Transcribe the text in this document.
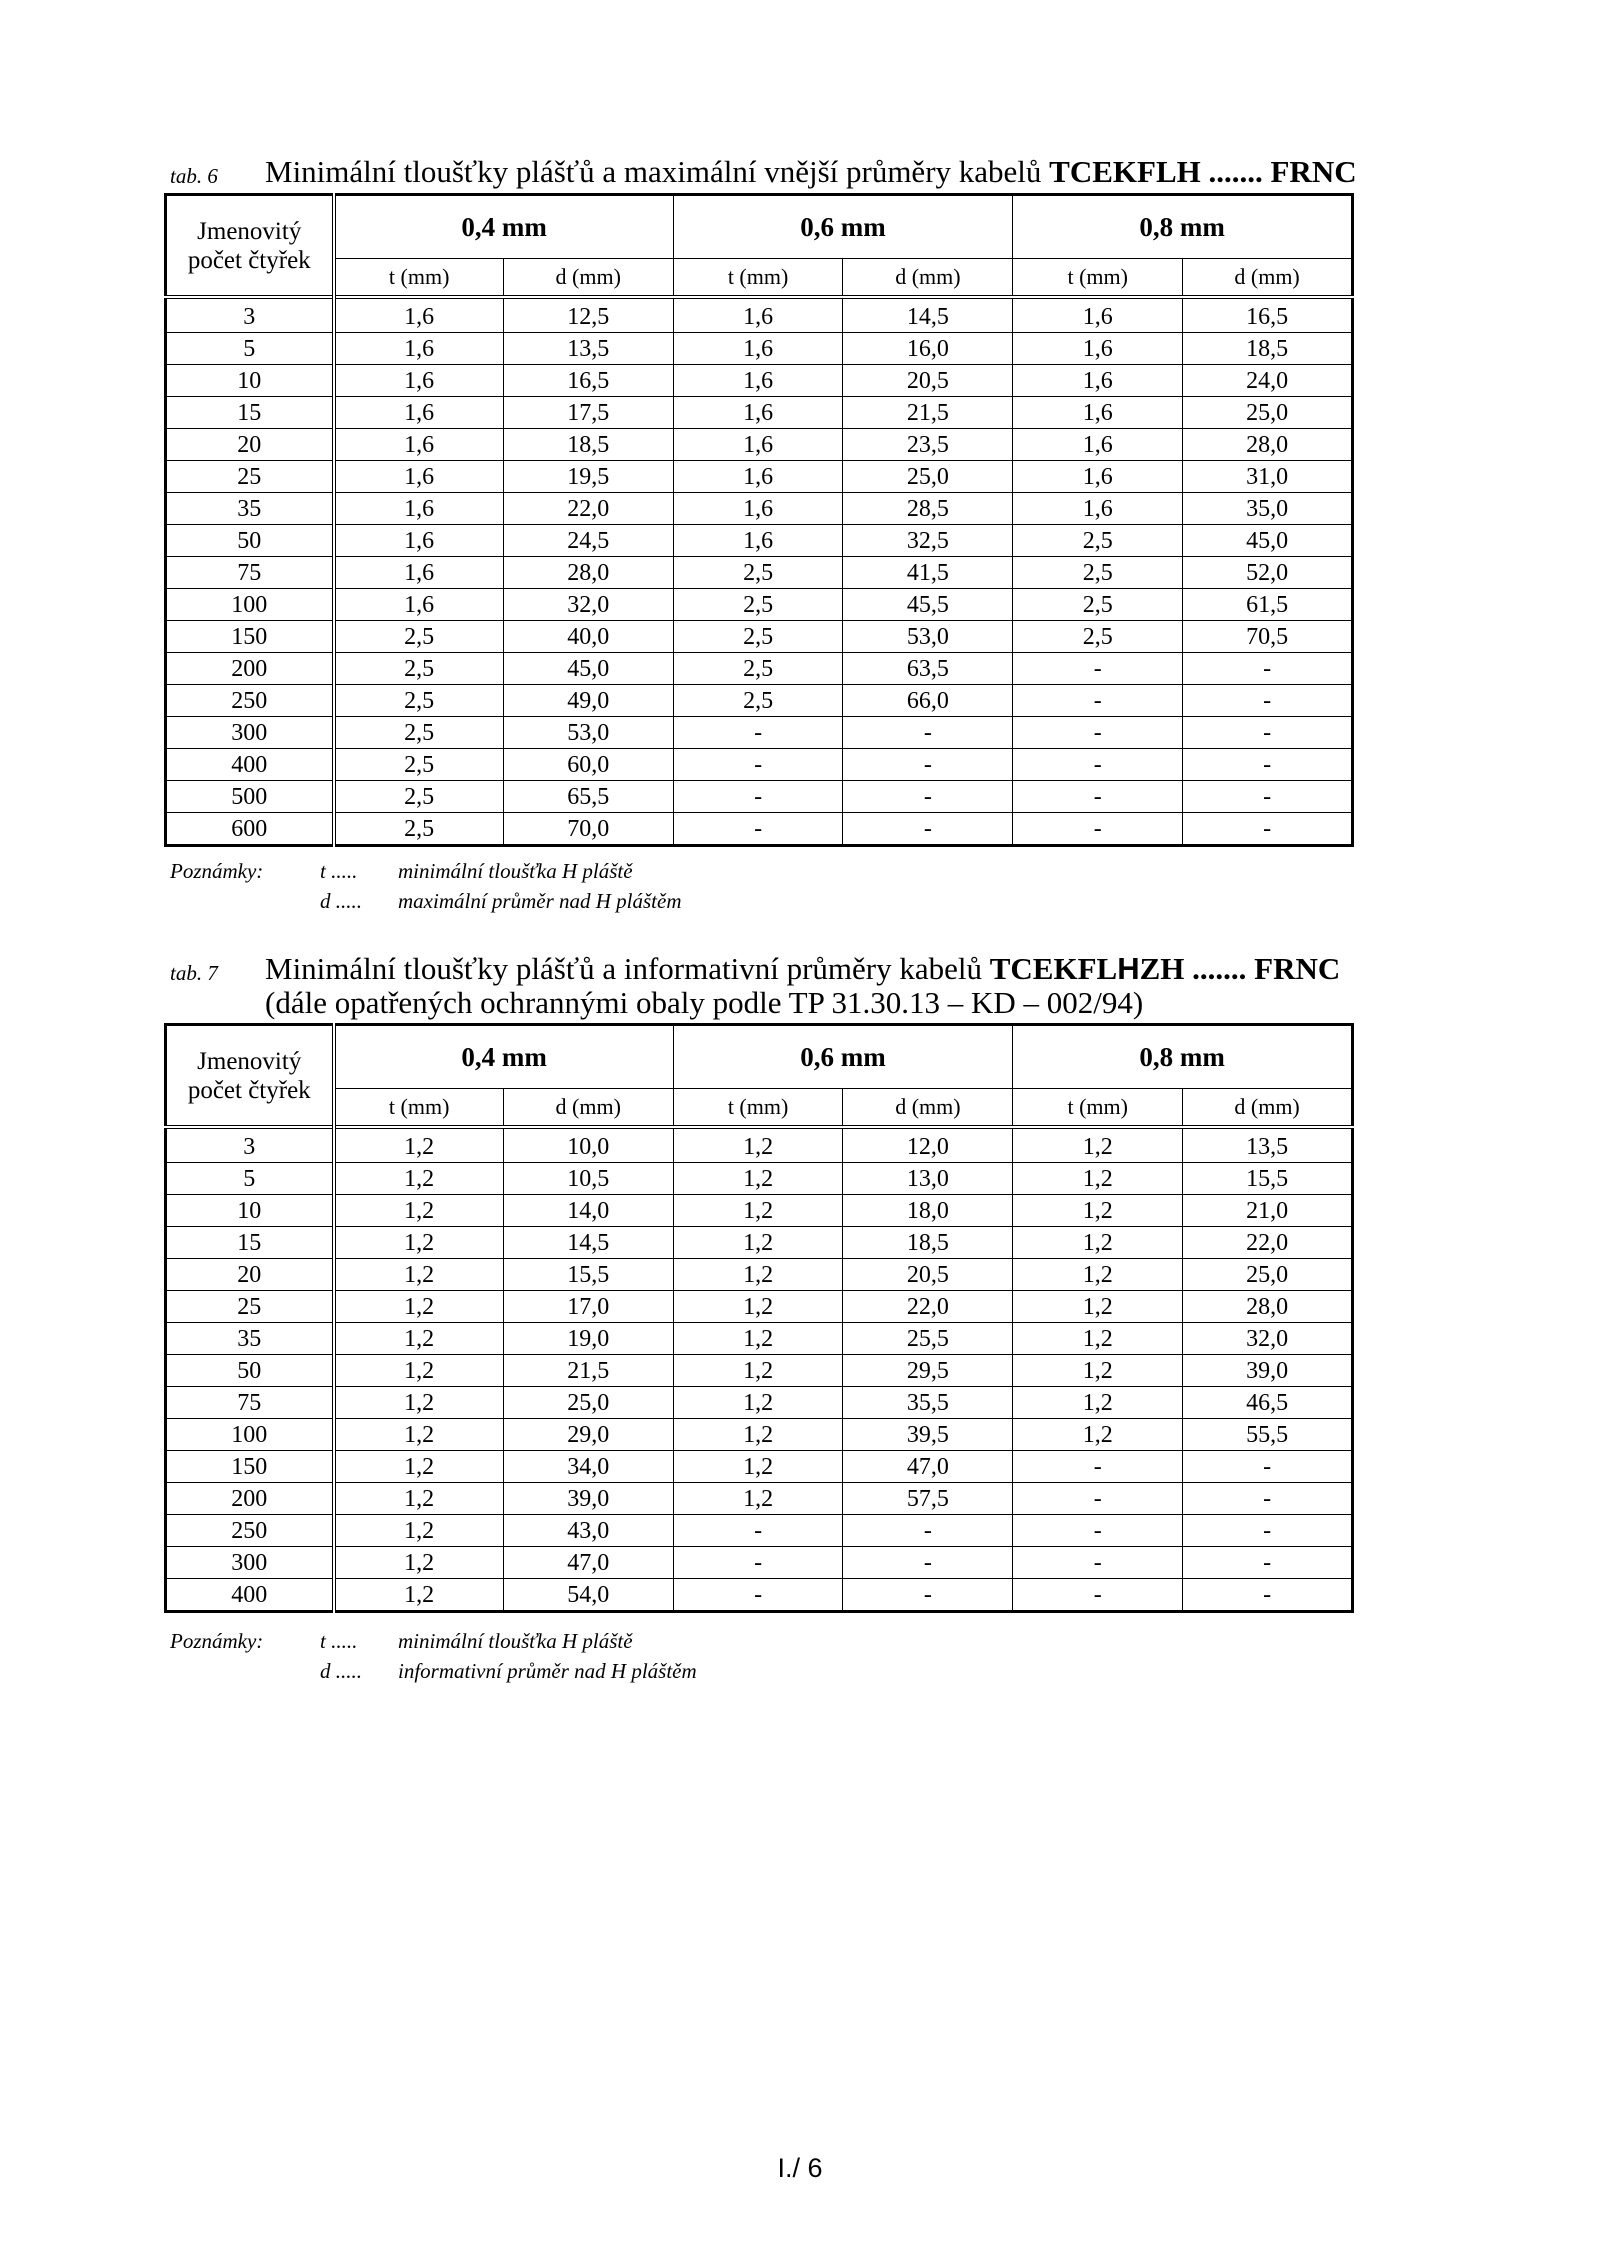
tab. 6 Minimální tloušťky plášťů a maximální vnější průměry kabelů TCEKFLH ....... FRNC
Jmenovitý
počet čtyřek	0,4 mm		0,6 mm		0,8 mm	
	t (mm)	d (mm)	t (mm)	d (mm)	t (mm)	d (mm)
3	1,6	12,5	1,6	14,5	1,6	16,5
5	1,6	13,5	1,6	16,0	1,6	18,5
10	1,6	16,5	1,6	20,5	1,6	24,0
15	1,6	17,5	1,6	21,5	1,6	25,0
20	1,6	18,5	1,6	23,5	1,6	28,0
25	1,6	19,5	1,6	25,0	1,6	31,0
35	1,6	22,0	1,6	28,5	1,6	35,0
50	1,6	24,5	1,6	32,5	2,5	45,0
75	1,6	28,0	2,5	41,5	2,5	52,0
100	1,6	32,0	2,5	45,5	2,5	61,5
150	2,5	40,0	2,5	53,0	2,5	70,5
200	2,5	45,0	2,5	63,5	-	-
250	2,5	49,0	2,5	66,0	-	-
300	2,5	53,0	-	-	-	-
400	2,5	60,0	-	-	-	-
500	2,5	65,5	-	-	-	-
600	2,5	70,0	-	-	-	-
Poznámky:	t ..... minimální tloušťka H pláště
d ..... maximální průměr nad H pláštěm
tab. 7 Minimální tloušťky plášťů a informativní průměry kabelů TCEKFLHZH ....... FRNC
(dále opatřených ochrannými obaly podle TP 31.30.13 – KD – 002/94)
Jmenovitý
počet čtyřek	0,4 mm		0,6 mm		0,8 mm	
	t (mm)	d (mm)	t (mm)	d (mm)	t (mm)	d (mm)
3	1,2	10,0	1,2	12,0	1,2	13,5
5	1,2	10,5	1,2	13,0	1,2	15,5
10	1,2	14,0	1,2	18,0	1,2	21,0
15	1,2	14,5	1,2	18,5	1,2	22,0
20	1,2	15,5	1,2	20,5	1,2	25,0
25	1,2	17,0	1,2	22,0	1,2	28,0
35	1,2	19,0	1,2	25,5	1,2	32,0
50	1,2	21,5	1,2	29,5	1,2	39,0
75	1,2	25,0	1,2	35,5	1,2	46,5
100	1,2	29,0	1,2	39,5	1,2	55,5
150	1,2	34,0	1,2	47,0	-	-
200	1,2	39,0	1,2	57,5	-	-
250	1,2	43,0	-	-	-	-
300	1,2	47,0	-	-	-	-
400	1,2	54,0	-	-	-	-
Poznámky:	t ..... minimální tloušťka H pláště
d ..... informativní průměr nad H pláštěm
I./ 6
